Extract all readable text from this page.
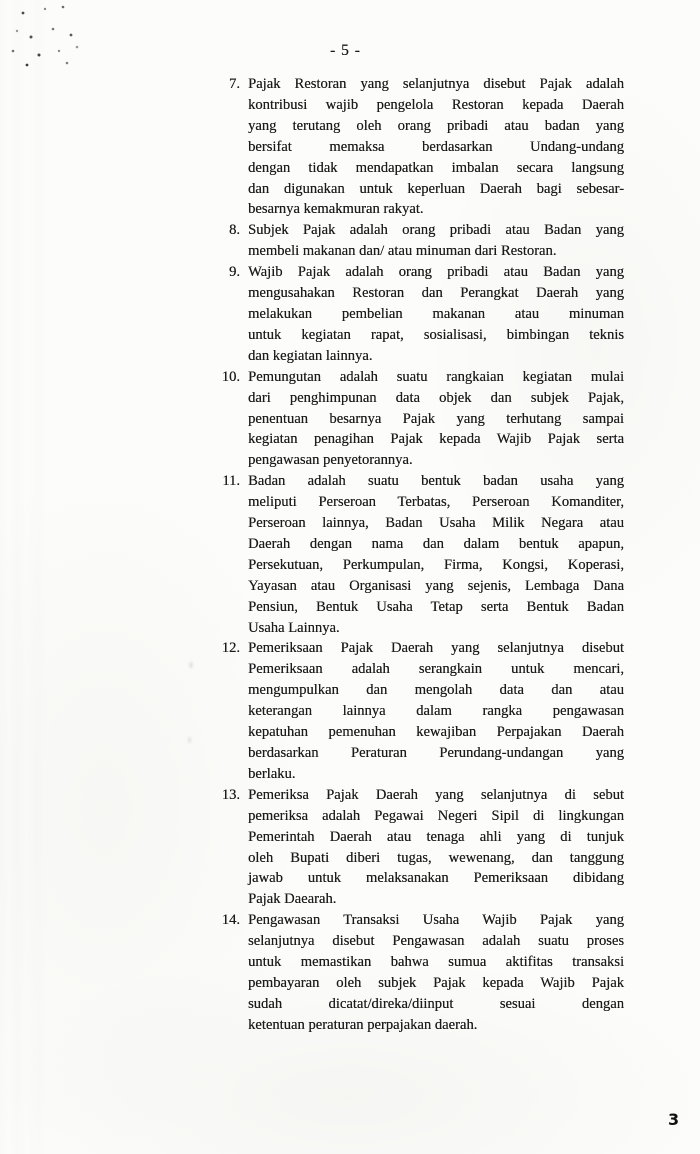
- 5 -
7. Pajak Restoran yang selanjutnya disebut Pajak adalah
kontribusi wajib pengelola Restoran kepada Daerah
yang terutang oleh orang pribadi atau badan yang
bersifat memaksa berdasarkan Undang-undang
dengan tidak mendapatkan imbalan secara langsung
dan digunakan untuk keperluan Daerah bagi sebesar-
besarnya kemakmuran rakyat.
8. Subjek Pajak adalah orang pribadi atau Badan yang
membeli makanan dan/ atau minuman dari Restoran.
9. Wajib Pajak adalah orang pribadi atau Badan yang
mengusahakan Restoran dan Perangkat Daerah yang
melakukan pembelian makanan atau minuman
untuk kegiatan rapat, sosialisasi, bimbingan teknis
dan kegiatan lainnya.
10. Pemungutan adalah suatu rangkaian kegiatan mulai
dari penghimpunan data objek dan subjek Pajak,
penentuan besarnya Pajak yang terhutang sampai
kegiatan penagihan Pajak kepada Wajib Pajak serta
pengawasan penyetorannya.
11. Badan adalah suatu bentuk badan usaha yang
meliputi Perseroan Terbatas, Perseroan Komanditer,
Perseroan lainnya, Badan Usaha Milik Negara atau
Daerah dengan nama dan dalam bentuk apapun,
Persekutuan, Perkumpulan, Firma, Kongsi, Koperasi,
Yayasan atau Organisasi yang sejenis, Lembaga Dana
Pensiun, Bentuk Usaha Tetap serta Bentuk Badan
Usaha Lainnya.
12. Pemeriksaan Pajak Daerah yang selanjutnya disebut
Pemeriksaan adalah serangkain untuk mencari,
mengumpulkan dan mengolah data dan atau
keterangan lainnya dalam rangka pengawasan
kepatuhan pemenuhan kewajiban Perpajakan Daerah
berdasarkan Peraturan Perundang-undangan yang
berlaku.
13. Pemeriksa Pajak Daerah yang selanjutnya di sebut
pemeriksa adalah Pegawai Negeri Sipil di lingkungan
Pemerintah Daerah atau tenaga ahli yang di tunjuk
oleh Bupati diberi tugas, wewenang, dan tanggung
jawab untuk melaksanakan Pemeriksaan dibidang
Pajak Daearah.
14. Pengawasan Transaksi Usaha Wajib Pajak yang
selanjutnya disebut Pengawasan adalah suatu proses
untuk memastikan bahwa sumua aktifitas transaksi
pembayaran oleh subjek Pajak kepada Wajib Pajak
sudah dicatat/direka/diinput sesuai dengan
ketentuan peraturan perpajakan daerah.
3
